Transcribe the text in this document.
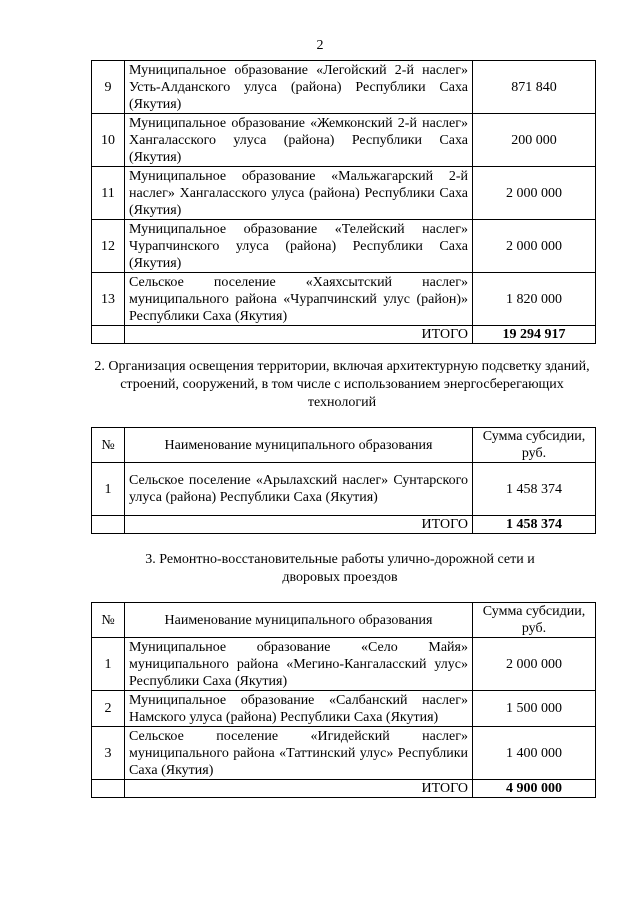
2
9	Муниципальное образование «Легойский 2-й наслег» Усть-Алданского улуса (района) Республики Саха (Якутия)	871 840
10	Муниципальное образование «Жемконский 2-й наслег» Хангаласского улуса (района) Республики Саха (Якутия)	200 000
11	Муниципальное образование «Мальжагарский 2-й наслег» Хангаласского улуса (района) Республики Саха (Якутия)	2 000 000
12	Муниципальное образование «Телейский наслег» Чурапчинского улуса (района) Республики Саха (Якутия)	2 000 000
13	Сельское поселение «Хаяхсытский наслег» муниципального района «Чурапчинский улус (район)» Республики Саха (Якутия)	1 820 000
	ИТОГО	19 294 917
2. Организация освещения территории, включая архитектурную подсветку зданий, строений, сооружений, в том числе с использованием энергосберегающих технологий
№	Наименование муниципального образования	Сумма субсидии, руб.
1	Сельское поселение «Арылахский наслег» Сунтарского улуса (района) Республики Саха (Якутия)	1 458 374
	ИТОГО	1 458 374
3. Ремонтно-восстановительные работы улично-дорожной сети и дворовых проездов
№	Наименование муниципального образования	Сумма субсидии, руб.
1	Муниципальное образование «Село Майя» муниципального района «Мегино-Кангаласский улус» Республики Саха (Якутия)	2 000 000
2	Муниципальное образование «Салбанский наслег» Намского улуса (района) Республики Саха (Якутия)	1 500 000
3	Сельское поселение «Игидейский наслег» муниципального района «Таттинский улус» Республики Саха (Якутия)	1 400 000
	ИТОГО	4 900 000
